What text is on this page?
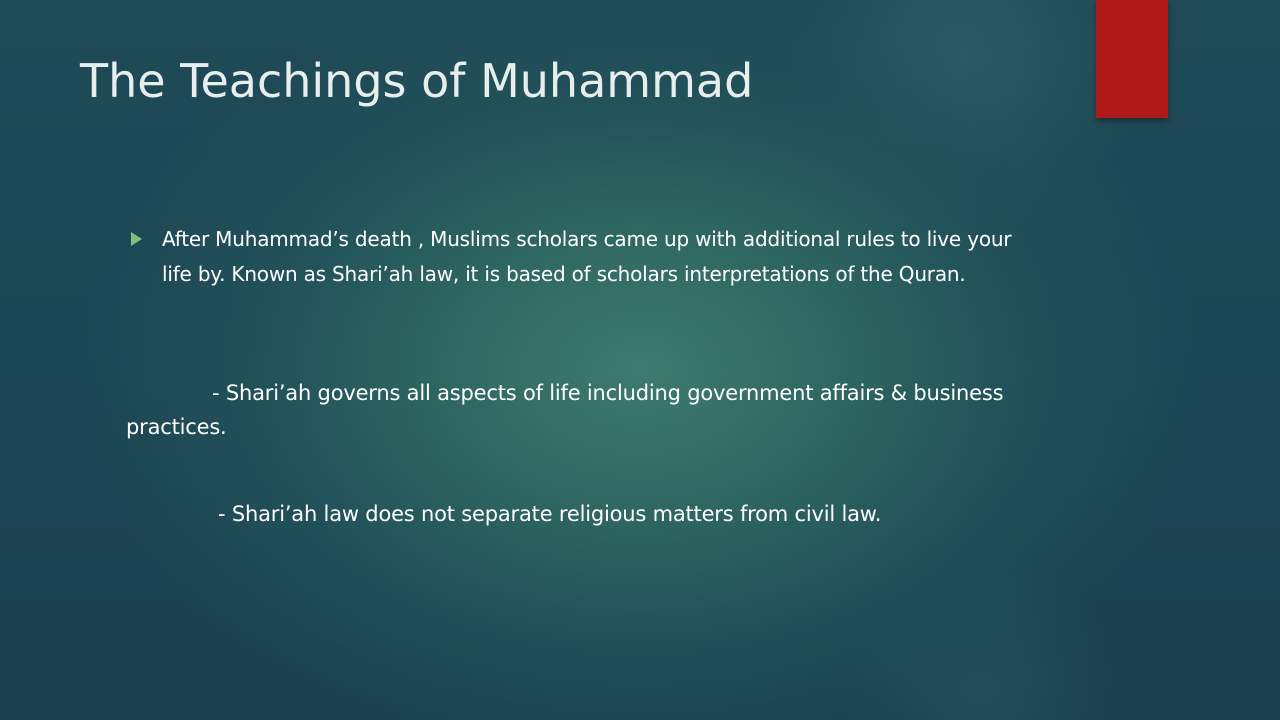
The Teachings of Muhammad

After Muhammad’s death , Muslims scholars came up with additional rules to live your life by. Known as Shari’ah law, it is based of scholars interpretations of the Quran.

- Shari’ah governs all aspects of life including government affairs & business practices.

- Shari’ah law does not separate religious matters from civil law.
